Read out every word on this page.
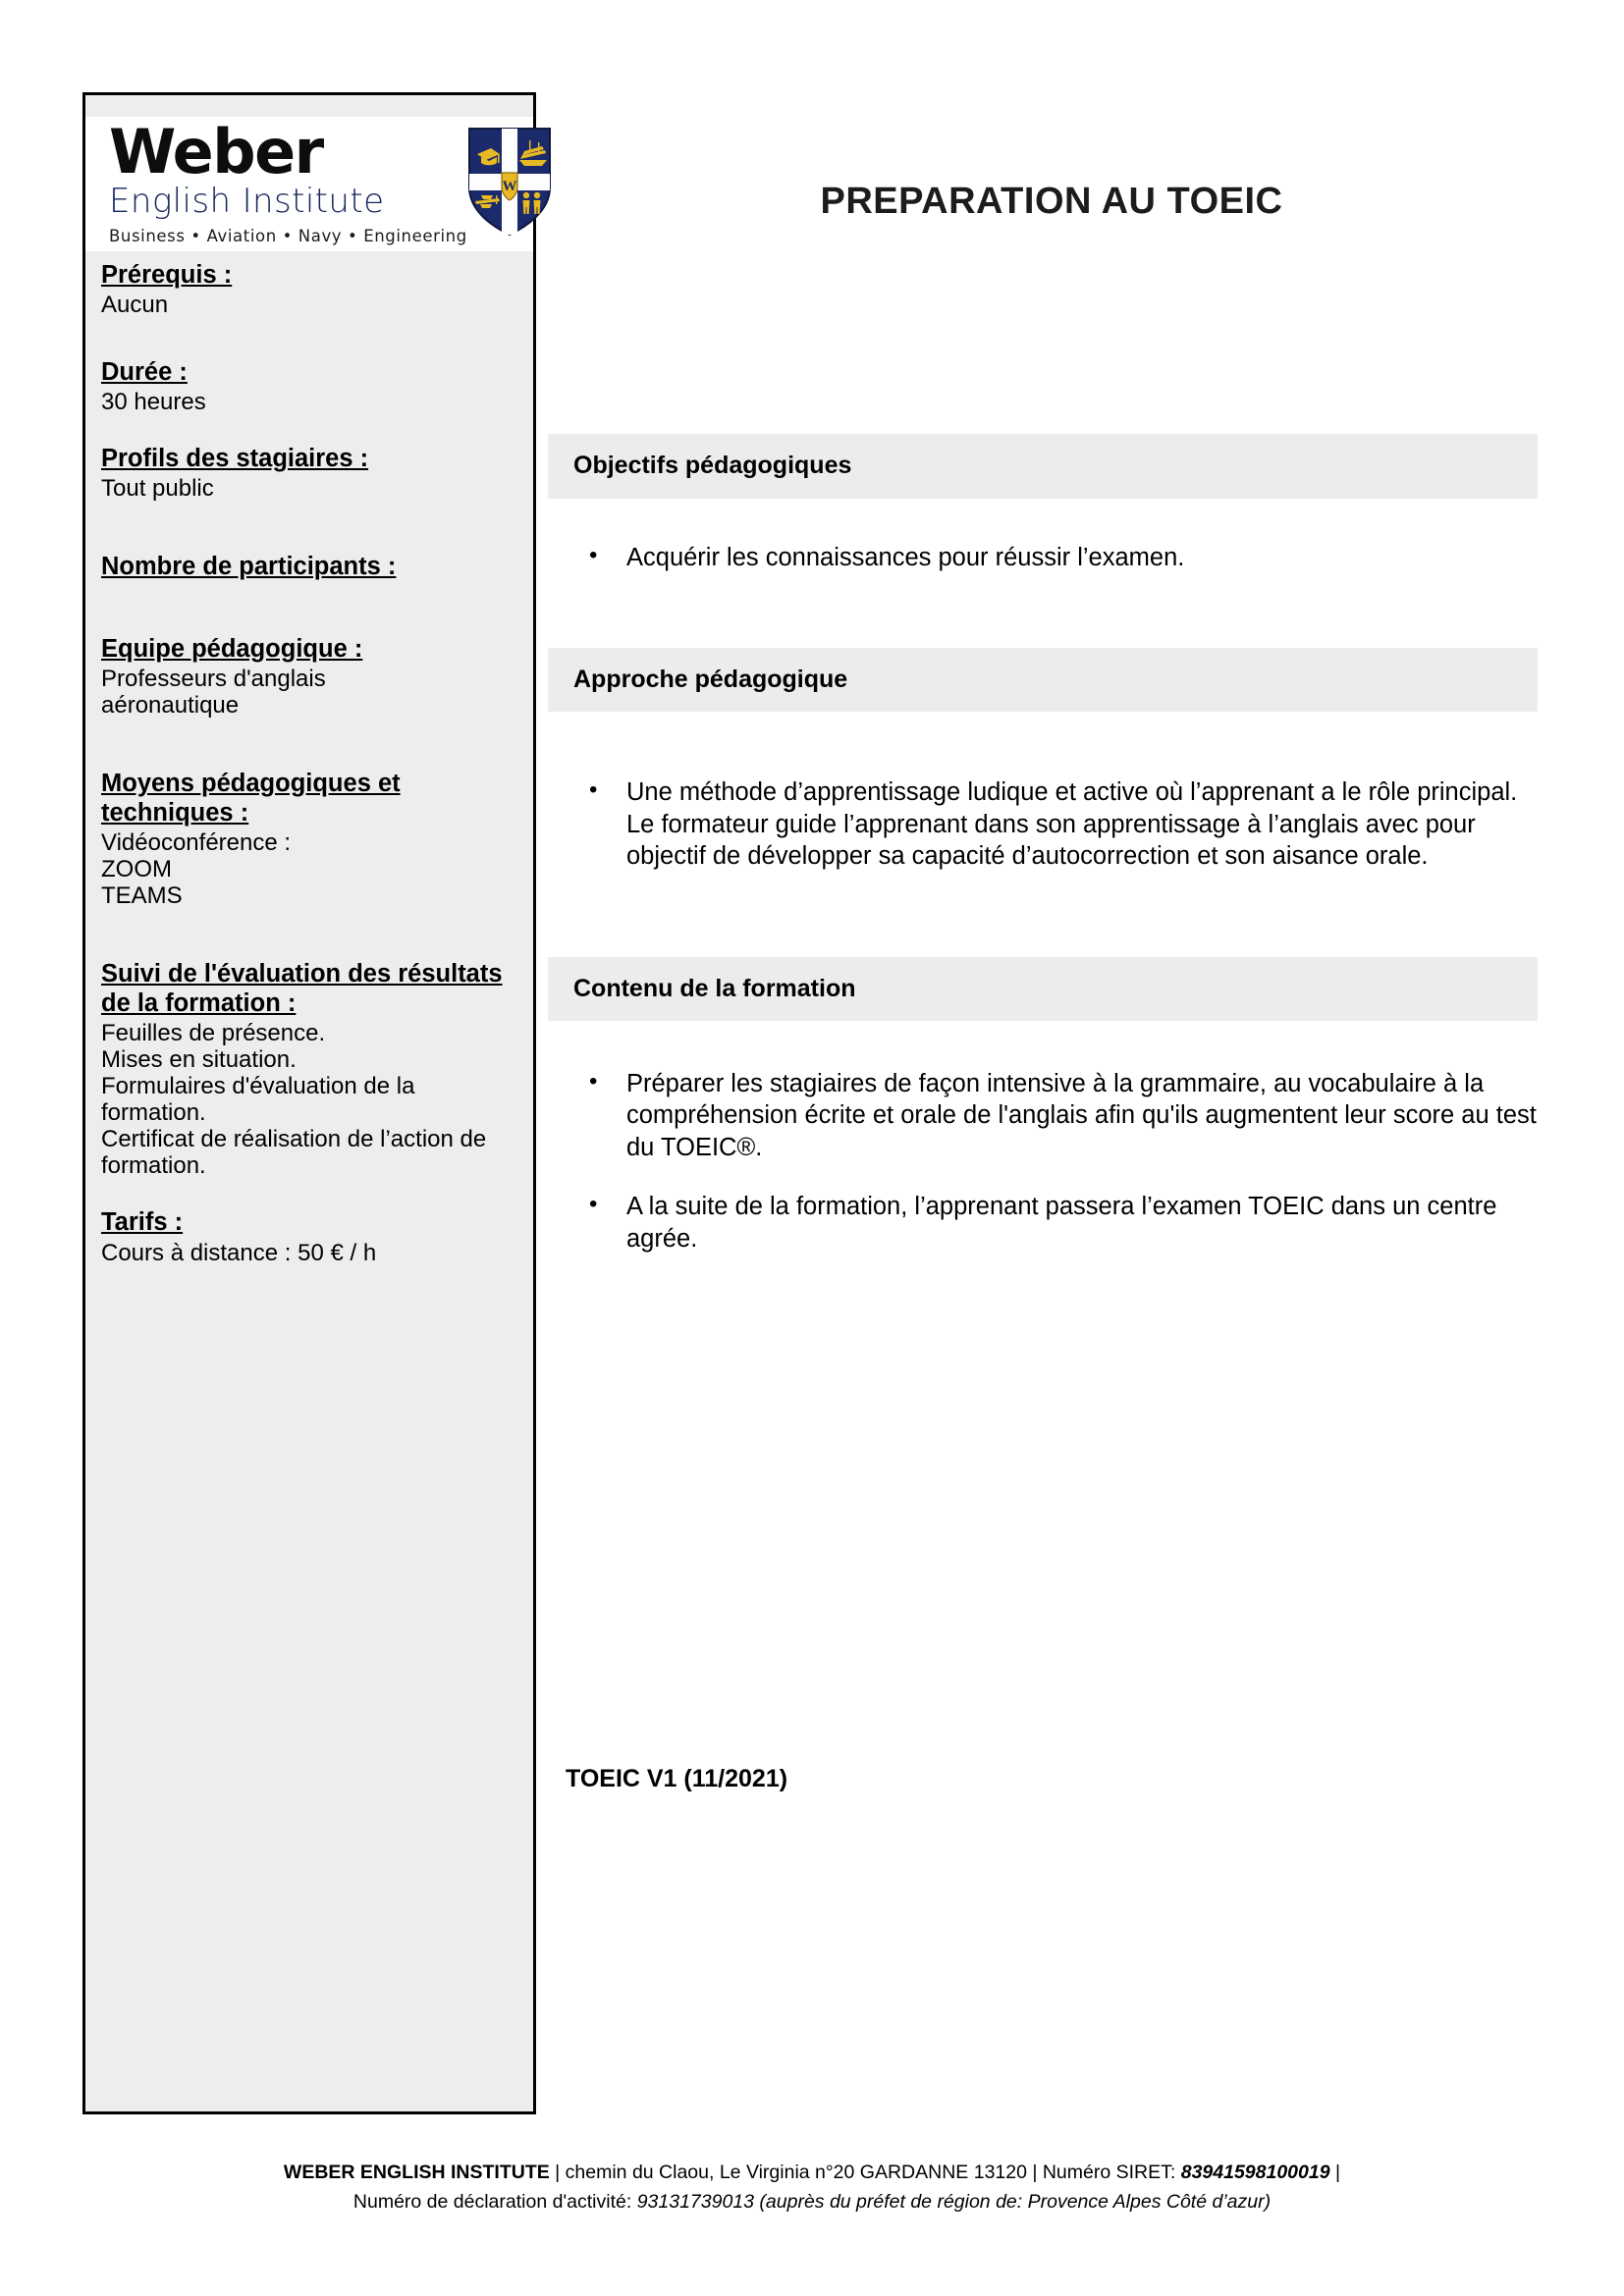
Weber
English Institute
Business • Aviation • Navy • Engineering
W
Prérequis :
Aucun
Durée :
30 heures
Profils des stagiaires :
Tout public
Nombre de participants :
Equipe pédagogique :
Professeurs d'anglais
aéronautique
Moyens pédagogiques et techniques :
Vidéoconférence :
ZOOM
TEAMS
Suivi de l'évaluation des résultats de la formation :
Feuilles de présence.
Mises en situation.
Formulaires d'évaluation de la formation.
Certificat de réalisation de l’action de formation.
Tarifs :
Cours à distance : 50 € / h
PREPARATION AU TOEIC
Objectifs pédagogiques
• Acquérir les connaissances pour réussir l’examen.
Approche pédagogique
• Une méthode d’apprentissage ludique et active où l’apprenant a le rôle principal. Le formateur guide l’apprenant dans son apprentissage à l’anglais avec pour objectif de développer sa capacité d’autocorrection et son aisance orale.
Contenu de la formation
• Préparer les stagiaires de façon intensive à la grammaire, au vocabulaire à la compréhension écrite et orale de l'anglais afin qu'ils augmentent leur score au test du TOEIC®.
• A la suite de la formation, l’apprenant passera l’examen TOEIC dans un centre agrée.
TOEIC V1 (11/2021)
WEBER ENGLISH INSTITUTE | chemin du Claou, Le Virginia n°20 GARDANNE 13120 | Numéro SIRET: 83941598100019 |
Numéro de déclaration d'activité: 93131739013 (auprès du préfet de région de: Provence Alpes Côté d’azur)
